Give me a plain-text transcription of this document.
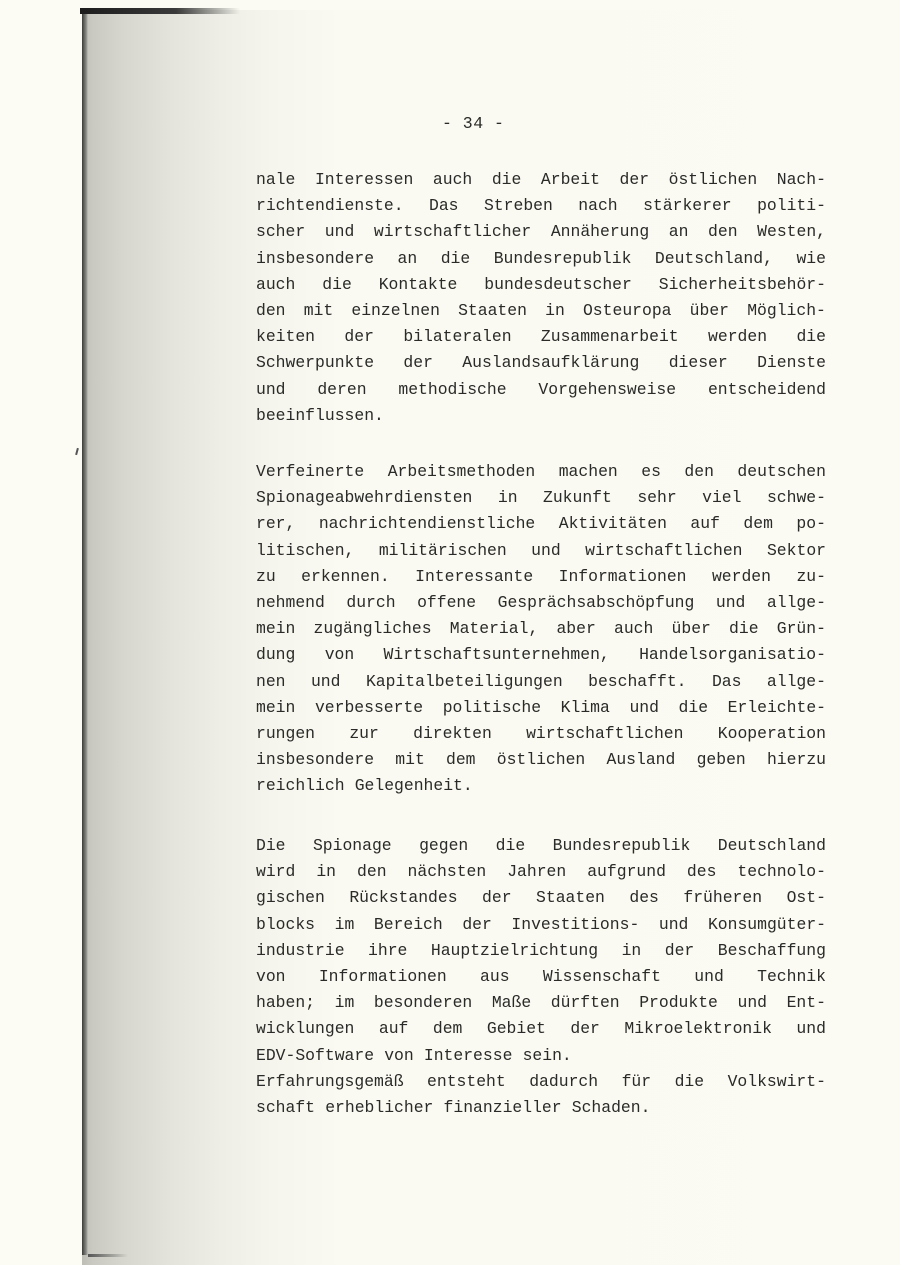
- 34 -
nale Interessen auch die Arbeit der östlichen Nach-
richtendienste. Das Streben nach stärkerer politi-
scher und wirtschaftlicher Annäherung an den Westen,
insbesondere an die Bundesrepublik Deutschland, wie
auch die Kontakte bundesdeutscher Sicherheitsbehör-
den mit einzelnen Staaten in Osteuropa über Möglich-
keiten der bilateralen Zusammenarbeit werden die
Schwerpunkte der Auslandsaufklärung dieser Dienste
und deren methodische Vorgehensweise entscheidend
beeinflussen.
Verfeinerte Arbeitsmethoden machen es den deutschen
Spionageabwehrdiensten in Zukunft sehr viel schwe-
rer, nachrichtendienstliche Aktivitäten auf dem po-
litischen, militärischen und wirtschaftlichen Sektor
zu erkennen. Interessante Informationen werden zu-
nehmend durch offene Gesprächsabschöpfung und allge-
mein zugängliches Material, aber auch über die Grün-
dung von Wirtschaftsunternehmen, Handelsorganisatio-
nen und Kapitalbeteiligungen beschafft. Das allge-
mein verbesserte politische Klima und die Erleichte-
rungen zur direkten wirtschaftlichen Kooperation
insbesondere mit dem östlichen Ausland geben hierzu
reichlich Gelegenheit.
Die Spionage gegen die Bundesrepublik Deutschland
wird in den nächsten Jahren aufgrund des technolo-
gischen Rückstandes der Staaten des früheren Ost-
blocks im Bereich der Investitions- und Konsumgüter-
industrie ihre Hauptzielrichtung in der Beschaffung
von Informationen aus Wissenschaft und Technik
haben; im besonderen Maße dürften Produkte und Ent-
wicklungen auf dem Gebiet der Mikroelektronik und
EDV-Software von Interesse sein.
Erfahrungsgemäß entsteht dadurch für die Volkswirt-
schaft erheblicher finanzieller Schaden.
